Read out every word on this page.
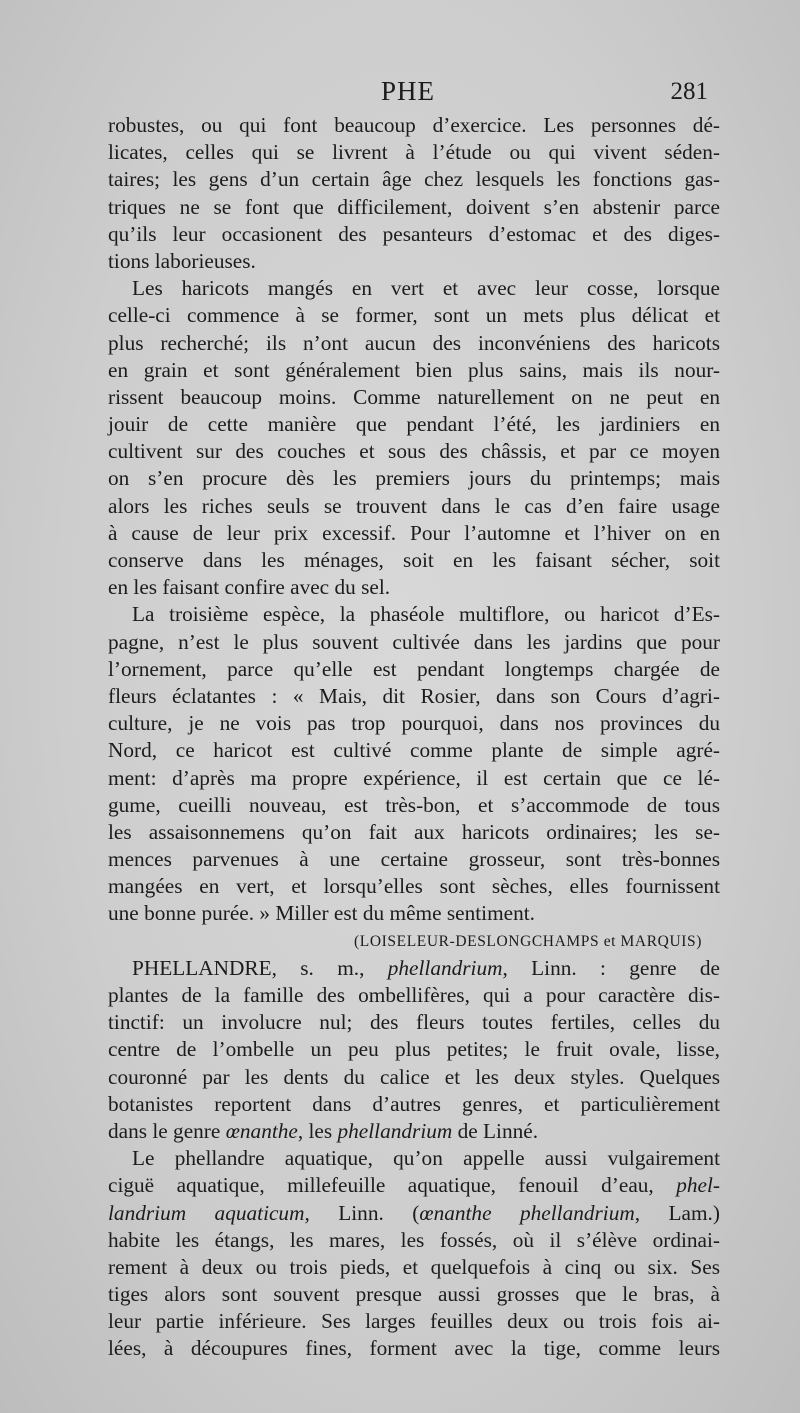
PHE	281
robustes, ou qui font beaucoup d’exercice. Les personnes dé-
licates, celles qui se livrent à l’étude ou qui vivent séden-
taires; les gens d’un certain âge chez lesquels les fonctions gas-
triques ne se font que difficilement, doivent s’en abstenir parce
qu’ils leur occasionent des pesanteurs d’estomac et des diges-
tions laborieuses.
Les haricots mangés en vert et avec leur cosse, lorsque
celle-ci commence à se former, sont un mets plus délicat et
plus recherché; ils n’ont aucun des inconvéniens des haricots
en grain et sont généralement bien plus sains, mais ils nour-
rissent beaucoup moins. Comme naturellement on ne peut en
jouir de cette manière que pendant l’été, les jardiniers en
cultivent sur des couches et sous des châssis, et par ce moyen
on s’en procure dès les premiers jours du printemps; mais
alors les riches seuls se trouvent dans le cas d’en faire usage
à cause de leur prix excessif. Pour l’automne et l’hiver on en
conserve dans les ménages, soit en les faisant sécher, soit
en les faisant confire avec du sel.
La troisième espèce, la phaséole multiflore, ou haricot d’Es-
pagne, n’est le plus souvent cultivée dans les jardins que pour
l’ornement, parce qu’elle est pendant longtemps chargée de
fleurs éclatantes : « Mais, dit Rosier, dans son Cours d’agri-
culture, je ne vois pas trop pourquoi, dans nos provinces du
Nord, ce haricot est cultivé comme plante de simple agré-
ment: d’après ma propre expérience, il est certain que ce lé-
gume, cueilli nouveau, est très-bon, et s’accommode de tous
les assaisonnemens qu’on fait aux haricots ordinaires; les se-
mences parvenues à une certaine grosseur, sont très-bonnes
mangées en vert, et lorsqu’elles sont sèches, elles fournissent
une bonne purée. » Miller est du même sentiment.
(LOISELEUR-DESLONGCHAMPS et MARQUIS)
PHELLANDRE, s. m., phellandrium, Linn. : genre de
plantes de la famille des ombellifères, qui a pour caractère dis-
tinctif: un involucre nul; des fleurs toutes fertiles, celles du
centre de l’ombelle un peu plus petites; le fruit ovale, lisse,
couronné par les dents du calice et les deux styles. Quelques
botanistes reportent dans d’autres genres, et particulièrement
dans le genre œnanthe, les phellandrium de Linné.
Le phellandre aquatique, qu’on appelle aussi vulgairement
ciguë aquatique, millefeuille aquatique, fenouil d’eau, phel-
landrium aquaticum, Linn. (œnanthe phellandrium, Lam.)
habite les étangs, les mares, les fossés, où il s’élève ordinai-
rement à deux ou trois pieds, et quelquefois à cinq ou six. Ses
tiges alors sont souvent presque aussi grosses que le bras, à
leur partie inférieure. Ses larges feuilles deux ou trois fois ai-
lées, à découpures fines, forment avec la tige, comme leurs
